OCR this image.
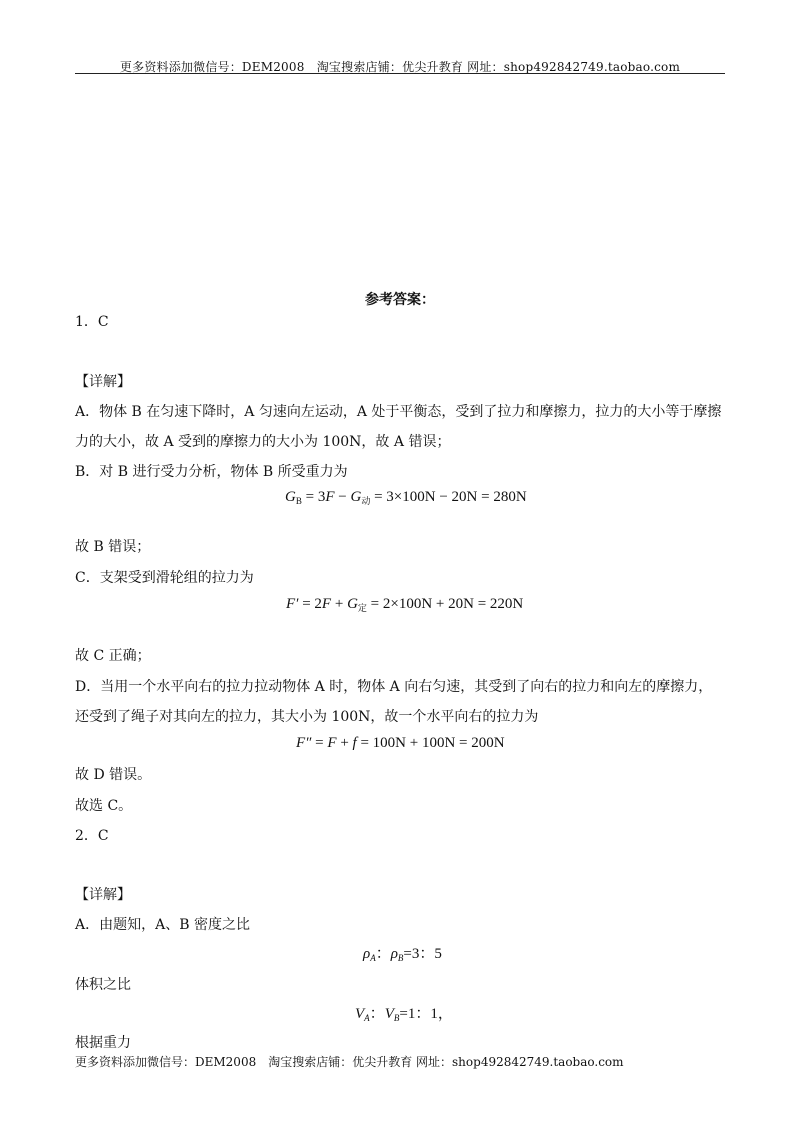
更多资料添加微信号：DEM2008　淘宝搜索店铺：优尖升教育 网址：shop492842749.taobao.com
参考答案：
1．C
【详解】
A．物体 B 在匀速下降时，A 匀速向左运动，A 处于平衡态，受到了拉力和摩擦力，拉力的大小等于摩擦
力的大小，故 A 受到的摩擦力的大小为 100N，故 A 错误；
B．对 B 进行受力分析，物体 B 所受重力为
$G_B = 3F - G_动 = 3\times 100N - 20N = 280N$
故 B 错误；
C．支架受到滑轮组的拉力为
$F' = 2F + G_定 = 2\times 100N + 20N = 220N$
故 C 正确；
D．当用一个水平向右的拉力拉动物体 A 时，物体 A 向右匀速，其受到了向右的拉力和向左的摩擦力，
还受到了绳子对其向左的拉力，其大小为 100N，故一个水平向右的拉力为
F″ = F + f = 100N + 100N = 200N
故 D 错误。
故选 C。
2．C
【详解】
A．由题知，A、B 密度之比
$\rho_A$：$\rho_B=3$：5
体积之比
$V_A$：$V_B=1$：1，
根据重力
更多资料添加微信号：DEM2008　淘宝搜索店铺：优尖升教育 网址：shop492842749.taobao.com
